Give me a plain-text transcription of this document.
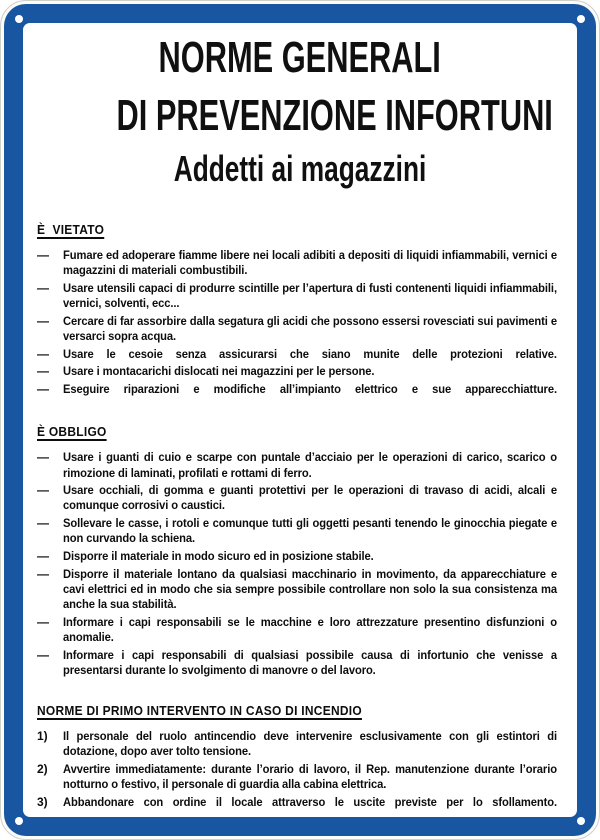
NORME GENERALI
DI PREVENZIONE INFORTUNI
Addetti ai magazzini
È  VIETATO
—	Fumare ed adoperare fiamme libere nei locali adibiti a depositi di liquidi infiammabili, vernici e magazzini di materiali combustibili.
—	Usare utensili capaci di produrre scintille per l’apertura di fusti contenenti liquidi infiammabili, vernici, solventi, ecc...
—	Cercare di far assorbire dalla segatura gli acidi che possono essersi rovesciati sui pavimenti e versarci sopra acqua.
—	Usare le cesoie senza assicurarsi che siano munite delle protezioni relative.
—	Usare i montacarichi dislocati nei magazzini per le persone.
—	Eseguire riparazioni e modifiche all’impianto elettrico e sue apparecchiatture.
È OBBLIGO
—	Usare i guanti di cuio e scarpe con puntale d’acciaio per le operazioni di carico, scarico o rimozione di laminati, profilati e rottami di ferro.
—	Usare occhiali, di gomma e guanti protettivi per le operazioni di travaso di acidi, alcali e comunque corrosivi o caustici.
—	Sollevare le casse, i rotoli e comunque tutti gli oggetti pesanti tenendo le ginocchia piegate e non curvando la schiena.
—	Disporre il materiale in modo sicuro ed in posizione stabile.
—	Disporre il materiale lontano da qualsiasi macchinario in movimento, da apparecchiature e cavi elettrici ed in modo che sia sempre possibile controllare non solo la sua consistenza ma anche la sua stabilità.
—	Informare i capi responsabili se le macchine e loro attrezzature presentino disfunzioni o anomalie.
—	Informare i capi responsabili di qualsiasi possibile causa di infortunio che venisse a presentarsi durante lo svolgimento di manovre o del lavoro.
NORME DI PRIMO INTERVENTO IN CASO DI INCENDIO
1)	Il personale del ruolo antincendio deve intervenire esclusivamente con gli estintori di dotazione, dopo aver tolto tensione.
2)	Avvertire immediatamente: durante l’orario di lavoro, il Rep. manutenzione durante l’orario notturno o festivo, il personale di guardia alla cabina elettrica.
3)	Abbandonare con ordine il locale attraverso le uscite previste per lo sfollamento.
